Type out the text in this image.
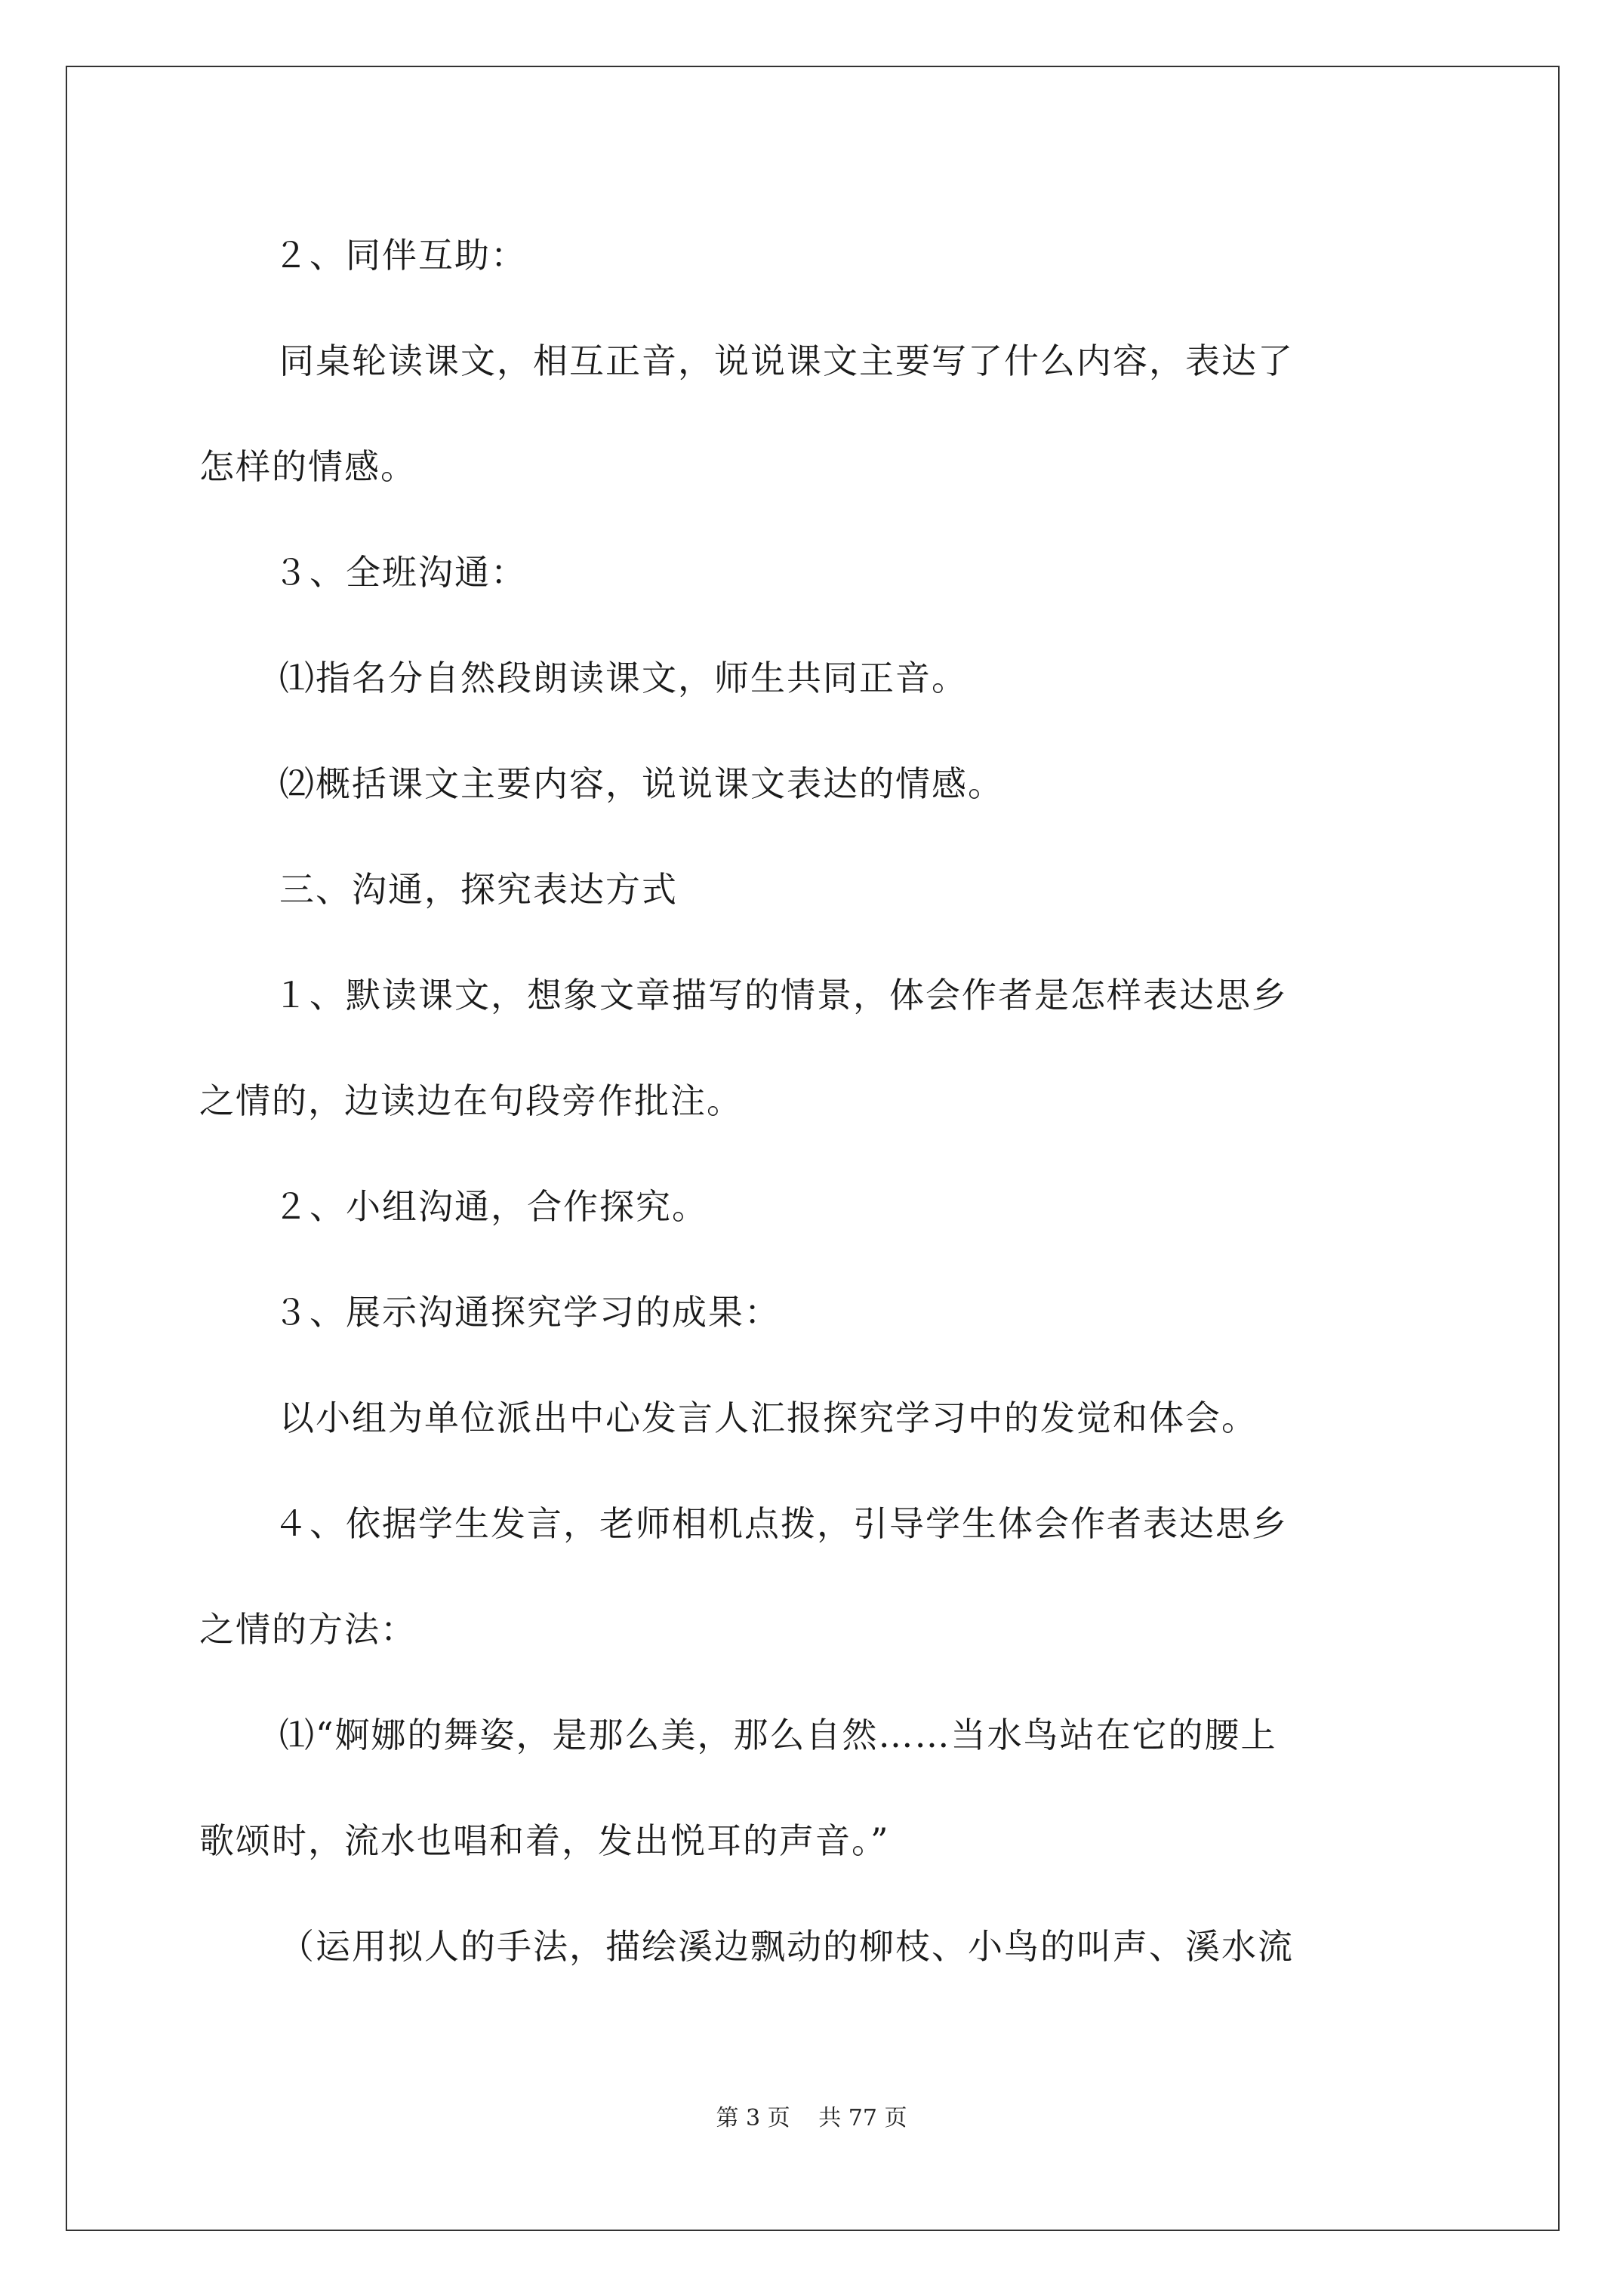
２、同伴互助：
同桌轮读课文，相互正音，说说课文主要写了什么内容，表达了
怎样的情感。
３、全班沟通：
⑴指名分自然段朗读课文，师生共同正音。
⑵概括课文主要内容，说说课文表达的情感。
三、沟通，探究表达方式
１、默读课文，想象文章描写的情景，体会作者是怎样表达思乡
之情的，边读边在句段旁作批注。
２、小组沟通，合作探究。
３、展示沟通探究学习的成果：
以小组为单位派出中心发言人汇报探究学习中的发觉和体会。
４、依据学生发言，老师相机点拨，引导学生体会作者表达思乡
之情的方法：
⑴“婀娜的舞姿，是那么美，那么自然……当水鸟站在它的腰上
歌颂时，流水也唱和着，发出悦耳的声音。”
（运用拟人的手法，描绘溪边飘动的柳枝、小鸟的叫声、溪水流
第 3 页 共 77 页
